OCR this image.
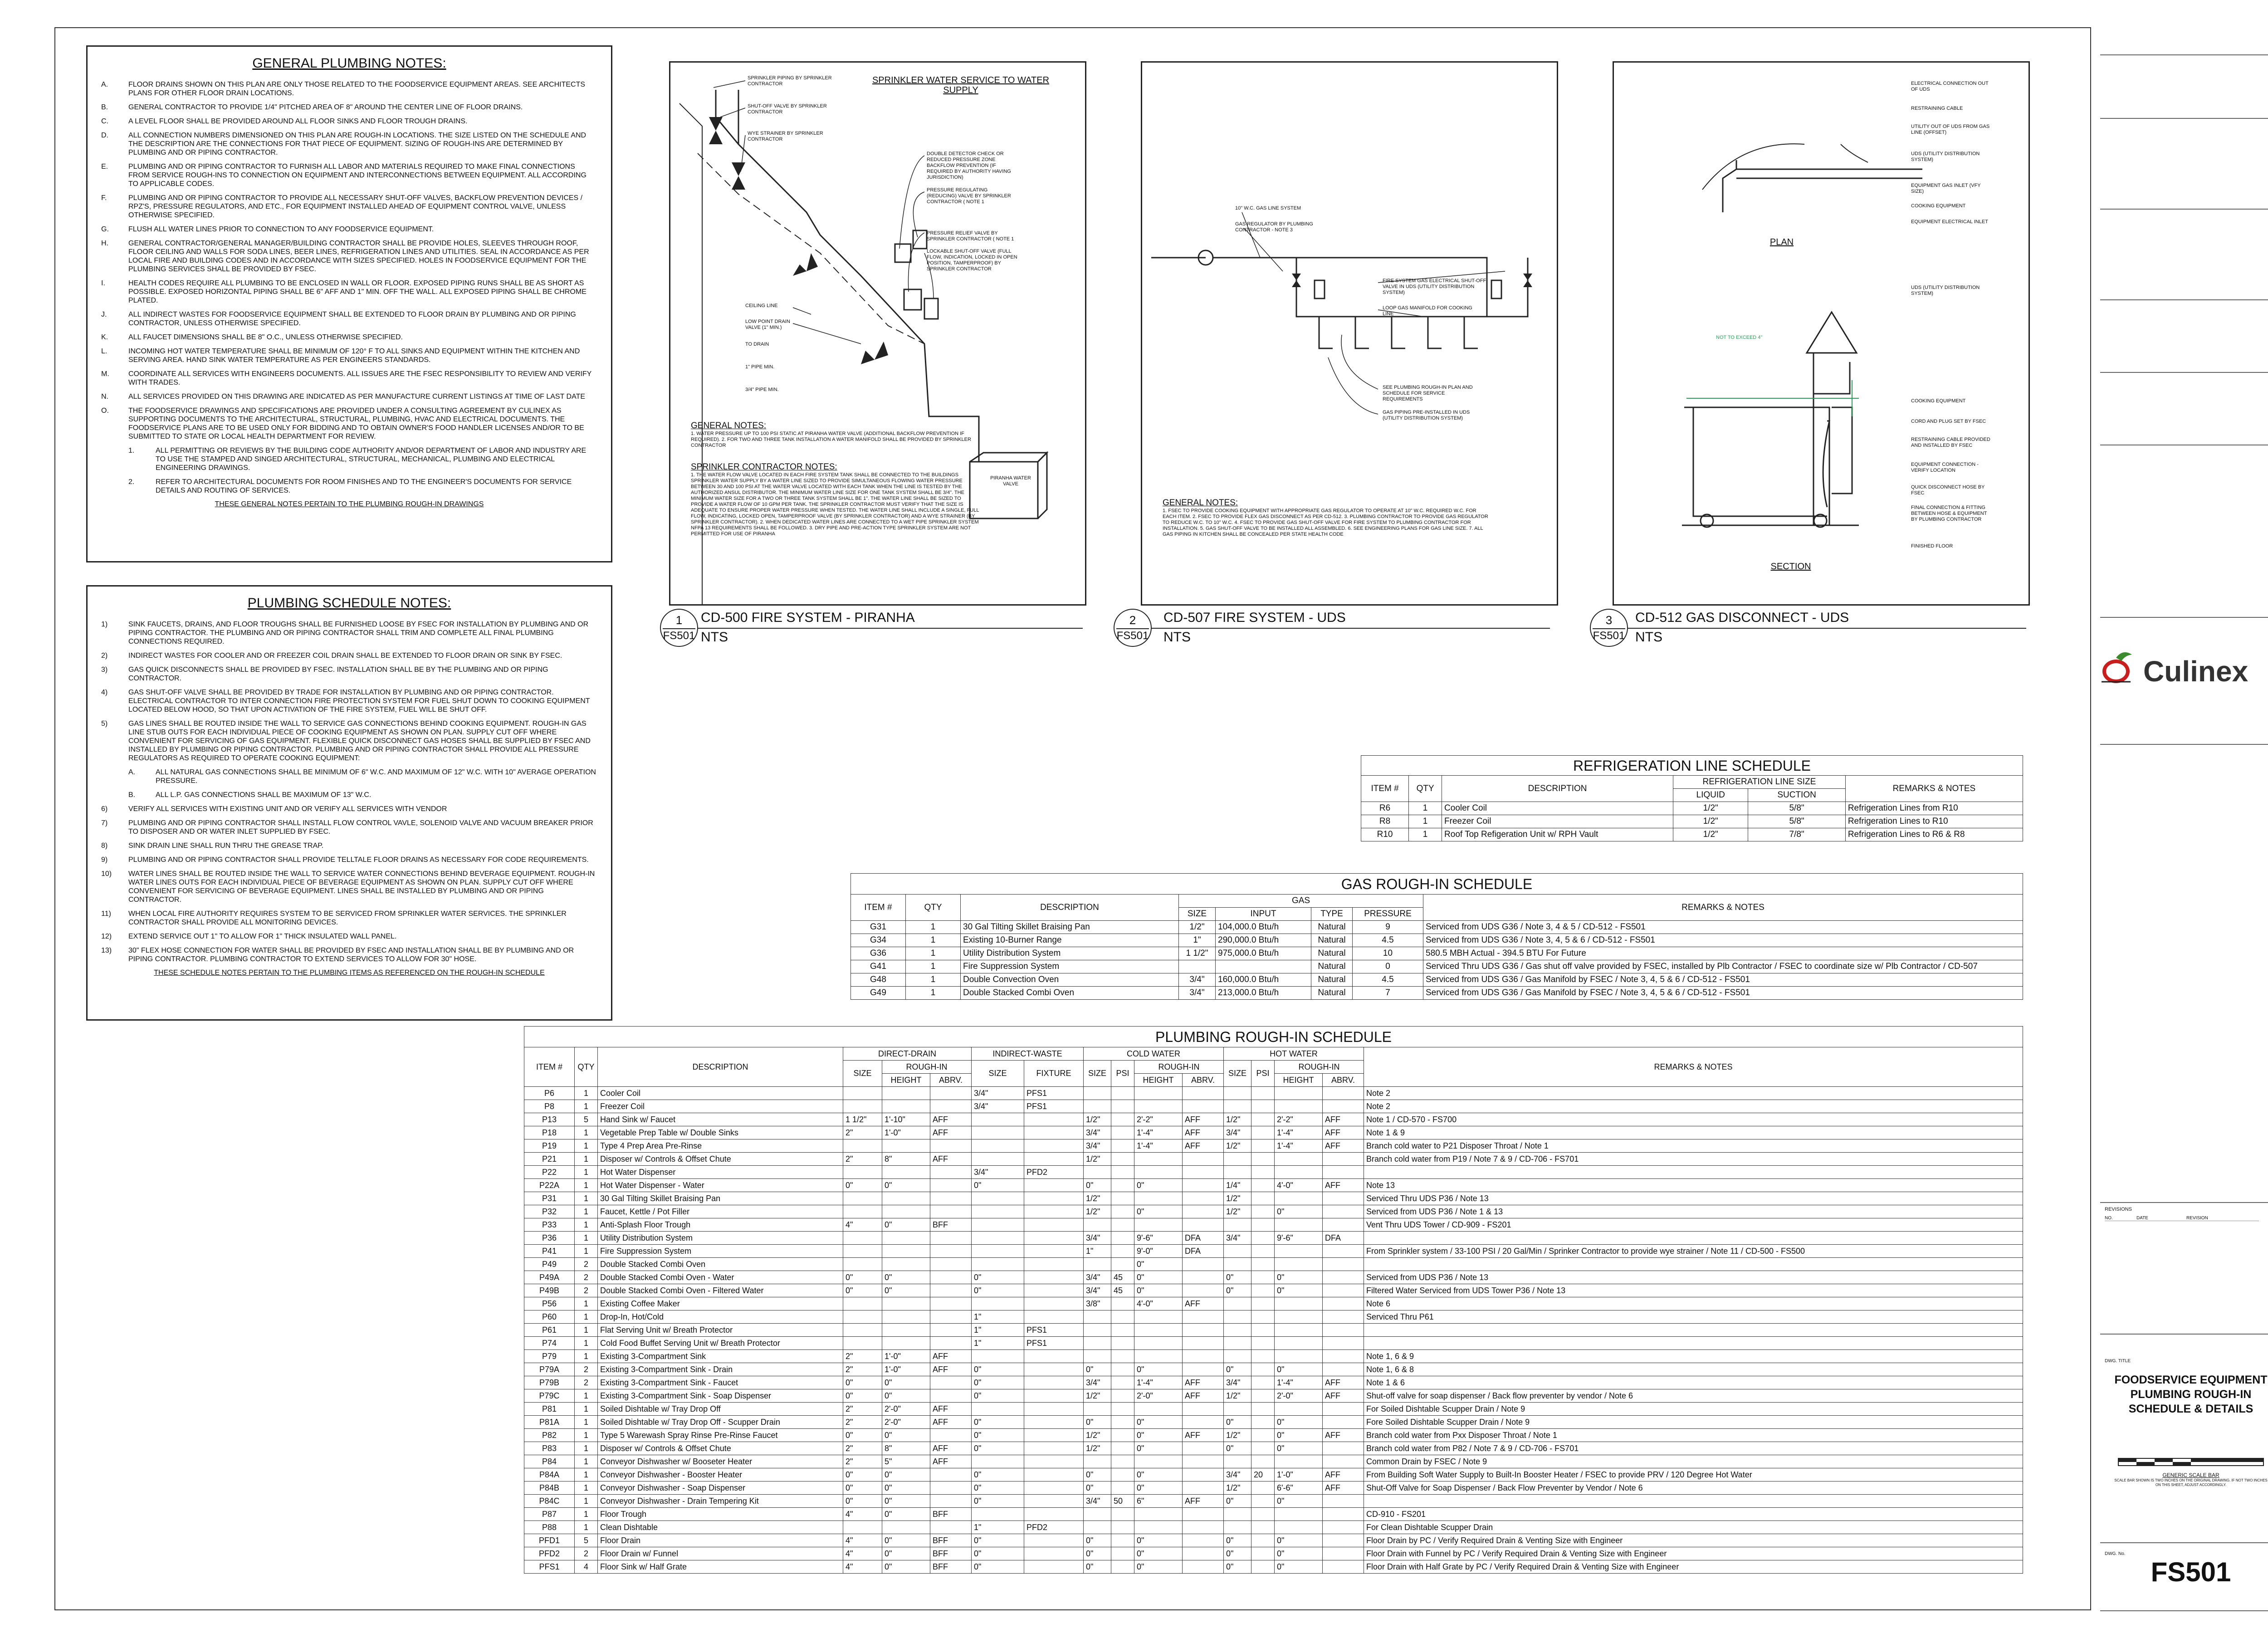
GENERAL PLUMBING NOTES:
A.	FLOOR DRAINS SHOWN ON THIS PLAN ARE ONLY THOSE RELATED TO THE FOODSERVICE EQUIPMENT AREAS. SEE ARCHITECTS PLANS FOR OTHER FLOOR DRAIN LOCATIONS.
B.	GENERAL CONTRACTOR TO PROVIDE 1/4" PITCHED AREA OF 8" AROUND THE CENTER LINE OF FLOOR DRAINS.
C.	A LEVEL FLOOR SHALL BE PROVIDED AROUND ALL FLOOR SINKS AND FLOOR TROUGH DRAINS.
D.	ALL CONNECTION NUMBERS DIMENSIONED ON THIS PLAN ARE ROUGH-IN LOCATIONS. THE SIZE LISTED ON THE SCHEDULE AND THE DESCRIPTION ARE THE CONNECTIONS FOR THAT PIECE OF EQUIPMENT. SIZING OF ROUGH-INS ARE DETERMINED BY PLUMBING AND OR PIPING CONTRACTOR.
E.	PLUMBING AND OR PIPING CONTRACTOR TO FURNISH ALL LABOR AND MATERIALS REQUIRED TO MAKE FINAL CONNECTIONS FROM SERVICE ROUGH-INS TO CONNECTION ON EQUIPMENT AND INTERCONNECTIONS BETWEEN EQUIPMENT. ALL ACCORDING TO APPLICABLE CODES.
F.	PLUMBING AND OR PIPING CONTRACTOR TO PROVIDE ALL NECESSARY SHUT-OFF VALVES, BACKFLOW PREVENTION DEVICES / RPZ'S, PRESSURE REGULATORS, AND ETC., FOR EQUIPMENT INSTALLED AHEAD OF EQUIPMENT CONTROL VALVE, UNLESS OTHERWISE SPECIFIED.
G.	FLUSH ALL WATER LINES PRIOR TO CONNECTION TO ANY FOODSERVICE EQUIPMENT.
H.	GENERAL CONTRACTOR/GENERAL MANAGER/BUILDING CONTRACTOR SHALL BE PROVIDE HOLES, SLEEVES THROUGH ROOF, FLOOR CEILING AND WALLS FOR SODA LINES, BEER LINES, REFRIGERATION LINES AND UTILITIES. SEAL IN ACCORDANCE AS PER LOCAL FIRE AND BUILDING CODES AND IN ACCORDANCE WITH SIZES SPECIFIED. HOLES IN FOODSERVICE EQUIPMENT FOR THE PLUMBING SERVICES SHALL BE PROVIDED BY FSEC.
I.	HEALTH CODES REQUIRE ALL PLUMBING TO BE ENCLOSED IN WALL OR FLOOR. EXPOSED PIPING RUNS SHALL BE AS SHORT AS POSSIBLE. EXPOSED HORIZONTAL PIPING SHALL BE 6" AFF AND 1" MIN. OFF THE WALL. ALL EXPOSED PIPING SHALL BE CHROME PLATED.
J.	ALL INDIRECT WASTES FOR FOODSERVICE EQUIPMENT SHALL BE EXTENDED TO FLOOR DRAIN BY PLUMBING AND OR PIPING CONTRACTOR, UNLESS OTHERWISE SPECIFIED.
K.	ALL FAUCET DIMENSIONS SHALL BE 8" O.C., UNLESS OTHERWISE SPECIFIED.
L.	INCOMING HOT WATER TEMPERATURE SHALL BE MINIMUM OF 120° F TO ALL SINKS AND EQUIPMENT WITHIN THE KITCHEN AND SERVING AREA. HAND SINK WATER TEMPERATURE AS PER ENGINEERS STANDARDS.
M.	COORDINATE ALL SERVICES WITH ENGINEERS DOCUMENTS. ALL ISSUES ARE THE FSEC RESPONSIBILITY TO REVIEW AND VERIFY WITH TRADES.
N.	ALL SERVICES PROVIDED ON THIS DRAWING ARE INDICATED AS PER MANUFACTURE CURRENT LISTINGS AT TIME OF LAST DATE
O.	THE FOODSERVICE DRAWINGS AND SPECIFICATIONS ARE PROVIDED UNDER A CONSULTING AGREEMENT BY CULINEX AS SUPPORTING DOCUMENTS TO THE ARCHITECTURAL, STRUCTURAL, PLUMBING, HVAC AND ELECTRICAL DOCUMENTS. THE FOODSERVICE PLANS ARE TO BE USED ONLY FOR BIDDING AND TO OBTAIN OWNER'S FOOD HANDLER LICENSES AND/OR TO BE SUBMITTED TO STATE OR LOCAL HEALTH DEPARTMENT FOR REVIEW.
1.	ALL PERMITTING OR REVIEWS BY THE BUILDING CODE AUTHORITY AND/OR DEPARTMENT OF LABOR AND INDUSTRY ARE TO USE THE STAMPED AND SINGED ARCHITECTURAL, STRUCTURAL, MECHANICAL, PLUMBING AND ELECTRICAL ENGINEERING DRAWINGS.
2.	REFER TO ARCHITECTURAL DOCUMENTS FOR ROOM FINISHES AND TO THE ENGINEER'S DOCUMENTS FOR SERVICE DETAILS AND ROUTING OF SERVICES.
THESE GENERAL NOTES PERTAIN TO THE PLUMBING ROUGH-IN DRAWINGS
PLUMBING SCHEDULE NOTES:
1)	SINK FAUCETS, DRAINS, AND FLOOR TROUGHS SHALL BE FURNISHED LOOSE BY FSEC FOR INSTALLATION BY PLUMBING AND OR PIPING CONTRACTOR. THE PLUMBING AND OR PIPING CONTRACTOR SHALL TRIM AND COMPLETE ALL FINAL PLUMBING CONNECTIONS REQUIRED.
2)	INDIRECT WASTES FOR COOLER AND OR FREEZER COIL DRAIN SHALL BE EXTENDED TO FLOOR DRAIN OR SINK BY FSEC.
3)	GAS QUICK DISCONNECTS SHALL BE PROVIDED BY FSEC. INSTALLATION SHALL BE BY THE PLUMBING AND OR PIPING CONTRACTOR.
4)	GAS SHUT-OFF VALVE SHALL BE PROVIDED BY TRADE FOR INSTALLATION BY PLUMBING AND OR PIPING CONTRACTOR. ELECTRICAL CONTRACTOR TO INTER CONNECTION FIRE PROTECTION SYSTEM FOR FUEL SHUT DOWN TO COOKING EQUIPMENT LOCATED BELOW HOOD, SO THAT UPON ACTIVATION OF THE FIRE SYSTEM, FUEL WILL BE SHUT OFF.
5)	GAS LINES SHALL BE ROUTED INSIDE THE WALL TO SERVICE GAS CONNECTIONS BEHIND COOKING EQUIPMENT. ROUGH-IN GAS LINE STUB OUTS FOR EACH INDIVIDUAL PIECE OF COOKING EQUIPMENT AS SHOWN ON PLAN. SUPPLY CUT OFF WHERE CONVENIENT FOR SERVICING OF GAS EQUIPMENT. FLEXIBLE QUICK DISCONNECT GAS HOSES SHALL BE SUPPLIED BY FSEC AND INSTALLED BY PLUMBING OR PIPING CONTRACTOR. PLUMBING AND OR PIPING CONTRACTOR SHALL PROVIDE ALL PRESSURE REGULATORS AS REQUIRED TO OPERATE COOKING EQUIPMENT:
A.	ALL NATURAL GAS CONNECTIONS SHALL BE MINIMUM OF 6" W.C. AND MAXIMUM OF 12" W.C. WITH 10" AVERAGE OPERATION PRESSURE.
B.	ALL L.P. GAS CONNECTIONS SHALL BE MAXIMUM OF 13" W.C.
6)	VERIFY ALL SERVICES WITH EXISTING UNIT AND OR VERIFY ALL SERVICES WITH VENDOR
7)	PLUMBING AND OR PIPING CONTRACTOR SHALL INSTALL FLOW CONTROL VAVLE, SOLENOID VALVE AND VACUUM BREAKER PRIOR TO DISPOSER AND OR WATER INLET SUPPLIED BY FSEC.
8)	SINK DRAIN LINE SHALL RUN THRU THE GREASE TRAP.
9)	PLUMBING AND OR PIPING CONTRACTOR SHALL PROVIDE TELLTALE FLOOR DRAINS AS NECESSARY FOR CODE REQUIREMENTS.
10)	WATER LINES SHALL BE ROUTED INSIDE THE WALL TO SERVICE WATER CONNECTIONS BEHIND BEVERAGE EQUIPMENT. ROUGH-IN WATER LINES OUTS FOR EACH INDIVIDUAL PIECE OF BEVERAGE EQUIPMENT AS SHOWN ON PLAN. SUPPLY CUT OFF WHERE CONVENIENT FOR SERVICING OF BEVERAGE EQUIPMENT. LINES SHALL BE INSTALLED BY PLUMBING AND OR PIPING CONTRACTOR.
11)	WHEN LOCAL FIRE AUTHORITY REQUIRES SYSTEM TO BE SERVICED FROM SPRINKLER WATER SERVICES. THE SPRINKLER CONTRACTOR SHALL PROVIDE ALL MONITORING DEVICES.
12)	EXTEND SERVICE OUT 1" TO ALLOW FOR 1" THICK INSULATED WALL PANEL.
13)	30" FLEX HOSE CONNECTION FOR WATER SHALL BE PROVIDED BY FSEC AND INSTALLATION SHALL BE BY PLUMBING AND OR PIPING CONTRACTOR. PLUMBING CONTRACTOR TO EXTEND SERVICES TO ALLOW FOR 30" HOSE.
THESE SCHEDULE NOTES PERTAIN TO THE PLUMBING ITEMS AS REFERENCED ON THE ROUGH-IN SCHEDULE
SPRINKLER PIPING BY SPRINKLER CONTRACTOR	SPRINKLER WATER SERVICE TO WATER SUPPLY
SHUT-OFF VALVE BY SPRINKLER CONTRACTOR
WYE STRAINER BY SPRINKLER CONTRACTOR
DOUBLE DETECTOR CHECK OR REDUCED PRESSURE ZONE BACKFLOW PREVENTION (IF REQUIRED BY AUTHORITY HAVING JURISDICTION)
PRESSURE REGULATING (REDUCING) VALVE BY SPRINKLER CONTRACTOR ( NOTE 1
PRESSURE RELIEF VALVE BY SPRINKLER CONTRACTOR ( NOTE 1
LOCKABLE SHUT-OFF VALVE (FULL FLOW, INDICATION, LOCKED IN OPEN POSITION, TAMPERPROOF) BY SPRINKLER CONTRACTOR
CEILING LINE
LOW POINT DRAIN VALVE (1" MIN.)
TO DRAIN
1" PIPE MIN.
3/4" PIPE MIN.
PIRANHA WATER VALVE
GENERAL NOTES:
1. WATER PRESSURE UP TO 100 PSI STATIC AT PIRANHA WATER VALVE (ADDITIONAL BACKFLOW PREVENTION IF REQUIRED). 2. FOR TWO AND THREE TANK INSTALLATION A WATER MANIFOLD SHALL BE PROVIDED BY SPRINKLER CONTRACTOR
SPRINKLER CONTRACTOR NOTES:
1. THE WATER FLOW VALVE LOCATED IN EACH FIRE SYSTEM TANK SHALL BE CONNECTED TO THE BUILDINGS SPRINKLER WATER SUPPLY BY A WATER LINE SIZED TO PROVIDE SIMULTANEOUS FLOWING WATER PRESSURE BETWEEN 30 AND 100 PSI AT THE WATER VALVE LOCATED WITH EACH TANK WHEN THE LINE IS TESTED BY THE AUTHORIZED ANSUL DISTRIBUTOR. THE MINIMUM WATER LINE SIZE FOR ONE TANK SYSTEM SHALL BE 3/4". THE MINIMUM WATER SIZE FOR A TWO OR THREE TANK SYSTEM SHALL BE 1". THE WATER LINE SHALL BE SIZED TO PROVIDE A WATER FLOW OF 10 GPM PER TANK. THE SPRINKLER CONTRACTOR MUST VERIFY THAT THE SIZE IS ADEQUATE TO ENSURE PROPER WATER PRESSURE WHEN TESTED. THE WATER LINE SHALL INCLUDE A SINGLE, FULL FLOW, INDICATING, LOCKED OPEN, TAMPERPROOF VALVE (BY SPRINKLER CONTRACTOR) AND A WYE STRAINER (BY SPRINKLER CONTRACTOR). 2. WHEN DEDICATED WATER LINES ARE CONNECTED TO A WET PIPE SPRINKLER SYSTEM NFPA 13 REQUIREMENTS SHALL BE FOLLOWED. 3. DRY PIPE AND PRE-ACTION TYPE SPRINKLER SYSTEM ARE NOT PERMITTED FOR USE OF PIRANHA
10" W.C. GAS LINE SYSTEM
GAS REGULATOR BY PLUMBING CONTRACTOR - NOTE 3
FIRE SYSTEM GAS ELECTRICAL SHUT-OFF VALVE IN UDS (UTILITY DISTRIBUTION SYSTEM)
LOOP GAS MANIFOLD FOR COOKING LINE
SEE PLUMBING ROUGH-IN PLAN AND SCHEDULE FOR SERVICE REQUIREMENTS
GAS PIPING PRE-INSTALLED IN UDS (UTILITY DISTRIBUTION SYSTEM)
GENERAL NOTES:
1. FSEC TO PROVIDE COOKING EQUIPMENT WITH APPROPRIATE GAS REGULATOR TO OPERATE AT 10" W.C. REQUIRED W.C. FOR EACH ITEM. 2. FSEC TO PROVIDE FLEX GAS DISCONNECT AS PER CD-512. 3. PLUMBING CONTRACTOR TO PROVIDE GAS REGULATOR TO REDUCE W.C. TO 10" W.C. 4. FSEC TO PROVIDE GAS SHUT-OFF VALVE FOR FIRE SYSTEM TO PLUMBING CONTRACTOR FOR INSTALLATION. 5. GAS SHUT-OFF VALVE TO BE INSTALLED ALL ASSEMBLED. 6. SEE ENGINEERING PLANS FOR GAS LINE SIZE. 7. ALL GAS PIPING IN KITCHEN SHALL BE CONCEALED PER STATE HEALTH CODE
ELECTRICAL CONNECTION OUT OF UDS
RESTRAINING CABLE
UTILITY OUT OF UDS FROM GAS LINE (OFFSET)
UDS (UTILITY DISTRIBUTION SYSTEM)
EQUIPMENT GAS INLET (VFY SIZE)
COOKING EQUIPMENT
EQUIPMENT ELECTRICAL INLET
PLAN
UDS (UTILITY DISTRIBUTION SYSTEM)
NOT TO EXCEED 4"
COOKING EQUIPMENT
CORD AND PLUG SET BY FSEC
RESTRAINING CABLE PROVIDED AND INSTALLED BY FSEC
EQUIPMENT CONNECTION - VERIFY LOCATION
QUICK DISCONNECT HOSE BY FSEC
FINAL CONNECTION & FITTING BETWEEN HOSE & EQUIPMENT BY PLUMBING CONTRACTOR
FINISHED FLOOR
SECTION
1
FS501
CD-500 FIRE SYSTEM - PIRANHA
NTS
2
FS501
CD-507 FIRE SYSTEM - UDS
NTS
3
FS501
CD-512 GAS DISCONNECT - UDS
NTS
REFRIGERATION LINE SCHEDULE
ITEM #	QTY	DESCRIPTION	REFRIGERATION LINE SIZE		REMARKS & NOTES
			LIQUID	SUCTION	
R6	1	Cooler Coil	1/2"	5/8"	Refrigeration Lines from R10
R8	1	Freezer Coil	1/2"	5/8"	Refrigeration Lines to R10
R10	1	Roof Top Refigeration Unit w/ RPH Vault	1/2"	7/8"	Refrigeration Lines to R6 & R8
GAS ROUGH-IN SCHEDULE
ITEM #	QTY	DESCRIPTION	GAS				REMARKS & NOTES
			SIZE	INPUT	TYPE	PRESSURE	
G31	1	30 Gal Tilting Skillet Braising Pan	1/2"	104,000.0 Btu/h	Natural	9	Serviced from UDS G36 / Note 3, 4 & 5 / CD-512 - FS501
G34	1	Existing 10-Burner Range	1"	290,000.0 Btu/h	Natural	4.5	Serviced from UDS G36 / Note 3, 4, 5 & 6 / CD-512 - FS501
G36	1	Utility Distribution System	1 1/2"	975,000.0 Btu/h	Natural	10	580.5 MBH Actual - 394.5 BTU For Future
G41	1	Fire Suppression System			Natural	0	Serviced Thru UDS G36 / Gas shut off valve provided by FSEC, installed by Plb Contractor / FSEC to coordinate size w/ Plb Contractor / CD-507
G48	1	Double Convection Oven	3/4"	160,000.0 Btu/h	Natural	4.5	Serviced from UDS G36 / Gas Manifold by FSEC / Note 3, 4, 5 & 6 / CD-512 - FS501
G49	1	Double Stacked Combi Oven	3/4"	213,000.0 Btu/h	Natural	7	Serviced from UDS G36 / Gas Manifold by FSEC / Note 3, 4, 5 & 6 / CD-512 - FS501
PLUMBING ROUGH-IN SCHEDULE
ITEM #	QTY	DESCRIPTION	DIRECT-DRAIN			INDIRECT-WASTE		COLD WATER				HOT WATER				REMARKS & NOTES
			SIZE	ROUGH-IN		SIZE	FIXTURE	SIZE	PSI	ROUGH-IN		SIZE	PSI	ROUGH-IN		
				HEIGHT	ABRV.					HEIGHT	ABRV.			HEIGHT	ABRV.	
P6	1	Cooler Coil				3/4"	PFS1									Note 2
P8	1	Freezer Coil				3/4"	PFS1									Note 2
P13	5	Hand Sink w/ Faucet	1 1/2"	1'-10"	AFF			1/2"		2'-2"	AFF	1/2"		2'-2"	AFF	Note 1 / CD-570 - FS700
P18	1	Vegetable Prep Table w/ Double Sinks	2"	1'-0"	AFF			3/4"		1'-4"	AFF	3/4"		1'-4"	AFF	Note 1 & 9
P19	1	Type 4 Prep Area Pre-Rinse						3/4"		1'-4"	AFF	1/2"		1'-4"	AFF	Branch cold water to P21 Disposer Throat / Note 1
P21	1	Disposer w/ Controls & Offset Chute	2"	8"	AFF			1/2"								Branch cold water from P19 / Note 7 & 9 / CD-706 - FS701
P22	1	Hot Water Dispenser				3/4"	PFD2									
P22A	1	Hot Water Dispenser - Water	0"	0"		0"		0"		0"		1/4"		4'-0"	AFF	Note 13
P31	1	30 Gal Tilting Skillet Braising Pan						1/2"				1/2"				Serviced Thru UDS P36 / Note 13
P32	1	Faucet, Kettle / Pot Filler						1/2"		0"		1/2"		0"		Serviced from UDS P36 / Note 1 & 13
P33	1	Anti-Splash Floor Trough	4"	0"	BFF											Vent Thru UDS Tower / CD-909 - FS201
P36	1	Utility Distribution System						3/4"		9'-6"	DFA	3/4"		9'-6"	DFA	
P41	1	Fire Suppression System						1"		9'-0"	DFA					From Sprinkler system / 33-100 PSI / 20 Gal/Min / Sprinker Contractor to provide wye strainer / Note 11 / CD-500 - FS500
P49	2	Double Stacked Combi Oven								0"						
P49A	2	Double Stacked Combi Oven - Water	0"	0"		0"		3/4"	45	0"		0"		0"		Serviced from UDS P36 / Note 13
P49B	2	Double Stacked Combi Oven - Filtered Water	0"	0"		0"		3/4"	45	0"		0"		0"		Filtered Water Serviced from UDS Tower P36 / Note 13
P56	1	Existing Coffee Maker						3/8"		4'-0"	AFF					Note 6
P60	1	Drop-In, Hot/Cold				1"										Serviced Thru P61
P61	1	Flat Serving Unit w/ Breath Protector				1"	PFS1									
P74	1	Cold Food Buffet Serving Unit w/ Breath Protector				1"	PFS1									
P79	1	Existing 3-Compartment Sink	2"	1'-0"	AFF											Note 1, 6 & 9
P79A	2	Existing 3-Compartment Sink - Drain	2"	1'-0"	AFF	0"		0"		0"		0"		0"		Note 1, 6 & 8
P79B	2	Existing 3-Compartment Sink - Faucet	0"	0"		0"		3/4"		1'-4"	AFF	3/4"		1'-4"	AFF	Note 1 & 6
P79C	1	Existing 3-Compartment Sink - Soap Dispenser	0"	0"		0"		1/2"		2'-0"	AFF	1/2"		2'-0"	AFF	Shut-off valve for soap dispenser / Back flow preventer by vendor / Note 6
P81	1	Soiled Dishtable w/ Tray Drop Off	2"	2'-0"	AFF											For Soiled Dishtable Scupper Drain / Note 9
P81A	1	Soiled Dishtable w/ Tray Drop Off - Scupper Drain	2"	2'-0"	AFF	0"		0"		0"		0"		0"		Fore Soiled Dishtable Scupper Drain / Note 9
P82	1	Type 5 Warewash Spray Rinse Pre-Rinse Faucet	0"	0"		0"		1/2"		0"	AFF	1/2"		0"	AFF	Branch cold water from Pxx Disposer Throat / Note 1
P83	1	Disposer w/ Controls & Offset Chute	2"	8"	AFF	0"		1/2"		0"		0"		0"		Branch cold water from P82 / Note 7 & 9 / CD-706 - FS701
P84	1	Conveyor Dishwasher w/ Booseter Heater	2"	5"	AFF											Common Drain by FSEC / Note 9
P84A	1	Conveyor Dishwasher - Booster Heater	0"	0"		0"		0"		0"		3/4"	20	1'-0"	AFF	From Building Soft Water Supply to Built-In Booster Heater / FSEC to provide PRV / 120 Degree Hot Water
P84B	1	Conveyor Dishwasher - Soap Dispenser	0"	0"		0"		0"		0"		1/2"		6'-6"	AFF	Shut-Off Valve for Soap Dispenser / Back Flow Preventer by Vendor / Note 6
P84C	1	Conveyor Dishwasher - Drain Tempering Kit	0"	0"		0"		3/4"	50	6"	AFF	0"		0"		
P87	1	Floor Trough	4"	0"	BFF											CD-910 - FS201
P88	1	Clean Dishtable				1"	PFD2									For Clean Dishtable Scupper Drain
PFD1	5	Floor Drain	4"	0"	BFF	0"		0"		0"		0"		0"		Floor Drain by PC / Verify Required Drain & Venting Size with Engineer
PFD2	2	Floor Drain w/ Funnel	4"	0"	BFF	0"		0"		0"		0"		0"		Floor Drain with Funnel by PC / Verify Required Drain & Venting Size with Engineer
PFS1	4	Floor Sink w/ Half Grate	4"	0"	BFF	0"		0"		0"		0"		0"		Floor Drain with Half Grate by PC / Verify Required Drain & Venting Size with Engineer
Culinex
REVISIONS
NO.	DATE	REVISION
DWG. TITLE
FOODSERVICE EQUIPMENT PLUMBING ROUGH-IN SCHEDULE & DETAILS
GENERIC SCALE BAR
SCALE BAR SHOWN IS TWO INCHES ON THE ORIGINAL DRAWING. IF NOT TWO INCHES ON THIS SHEET, ADJUST ACCORDINGLY.
DWG. No.
FS501
